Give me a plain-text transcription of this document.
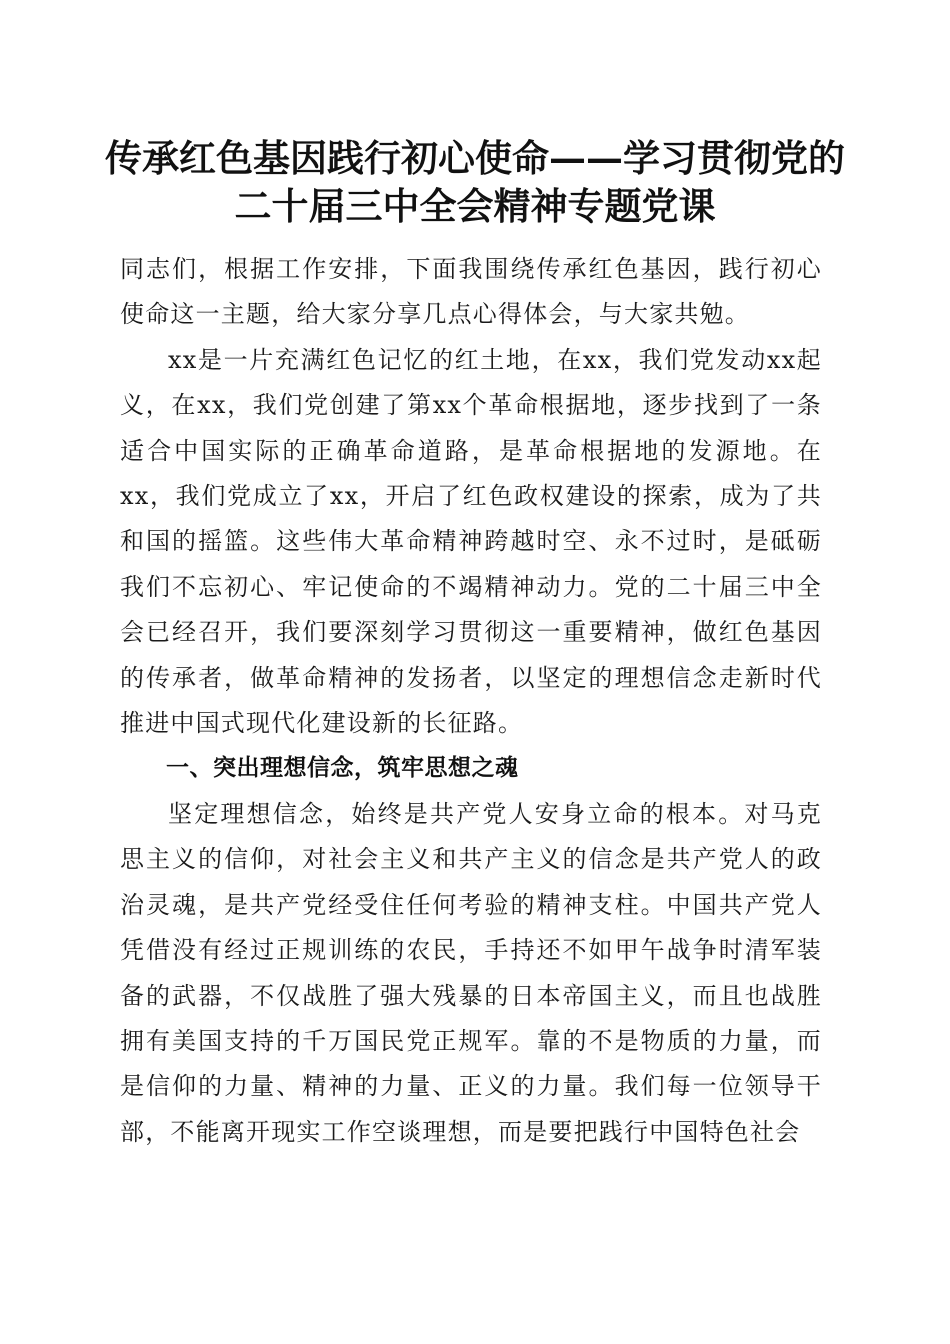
传承红色基因践行初心使命——学习贯彻党的
二十届三中全会精神专题党课

同志们，根据工作安排，下面我围绕传承红色基因，践行初心使命这一主题，给大家分享几点心得体会，与大家共勉。

xx是一片充满红色记忆的红土地，在xx，我们党发动xx起义，在xx，我们党创建了第xx个革命根据地，逐步找到了一条适合中国实际的正确革命道路，是革命根据地的发源地。在xx，我们党成立了xx，开启了红色政权建设的探索，成为了共和国的摇篮。这些伟大革命精神跨越时空、永不过时，是砥砺我们不忘初心、牢记使命的不竭精神动力。党的二十届三中全会已经召开，我们要深刻学习贯彻这一重要精神，做红色基因的传承者，做革命精神的发扬者，以坚定的理想信念走新时代推进中国式现代化建设新的长征路。

一、突出理想信念，筑牢思想之魂

坚定理想信念，始终是共产党人安身立命的根本。对马克思主义的信仰，对社会主义和共产主义的信念是共产党人的政治灵魂，是共产党经受住任何考验的精神支柱。中国共产党人凭借没有经过正规训练的农民，手持还不如甲午战争时清军装备的武器，不仅战胜了强大残暴的日本帝国主义，而且也战胜拥有美国支持的千万国民党正规军。靠的不是物质的力量，而是信仰的力量、精神的力量、正义的力量。我们每一位领导干部，不能离开现实工作空谈理想，而是要把践行中国特色社会
